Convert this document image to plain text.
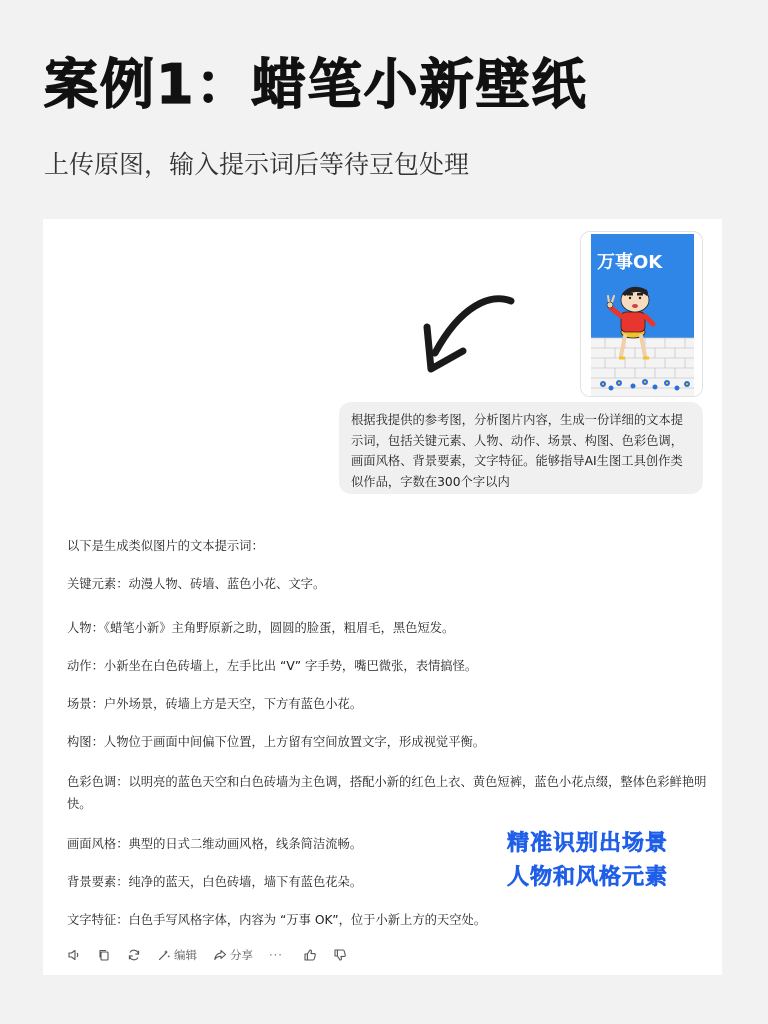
案例1：蜡笔小新壁纸
上传原图，输入提示词后等待豆包处理
万事OK
根据我提供的参考图，分析图片内容，生成一份详细的文本提示词，包括关键元素、人物、动作、场景、构图、色彩色调，画面风格、背景要素，文字特征。能够指导AI生图工具创作类似作品，字数在300个字以内

以下是生成类似图片的文本提示词：

关键元素：动漫人物、砖墙、蓝色小花、文字。

人物：《蜡笔小新》主角野原新之助，圆圆的脸蛋，粗眉毛，黑色短发。

动作：小新坐在白色砖墙上，左手比出 “V” 字手势，嘴巴微张，表情搞怪。

场景：户外场景，砖墙上方是天空，下方有蓝色小花。

构图：人物位于画面中间偏下位置，上方留有空间放置文字，形成视觉平衡。

色彩色调：以明亮的蓝色天空和白色砖墙为主色调，搭配小新的红色上衣、黄色短裤，蓝色小花点缀，整体色彩鲜艳明快。

画面风格：典型的日式二维动画风格，线条简洁流畅。

背景要素：纯净的蓝天，白色砖墙，墙下有蓝色花朵。

文字特征：白色手写风格字体，内容为 “万事 OK”，位于小新上方的天空处。

精准识别出场景
人物和风格元素
编辑	分享 ···
